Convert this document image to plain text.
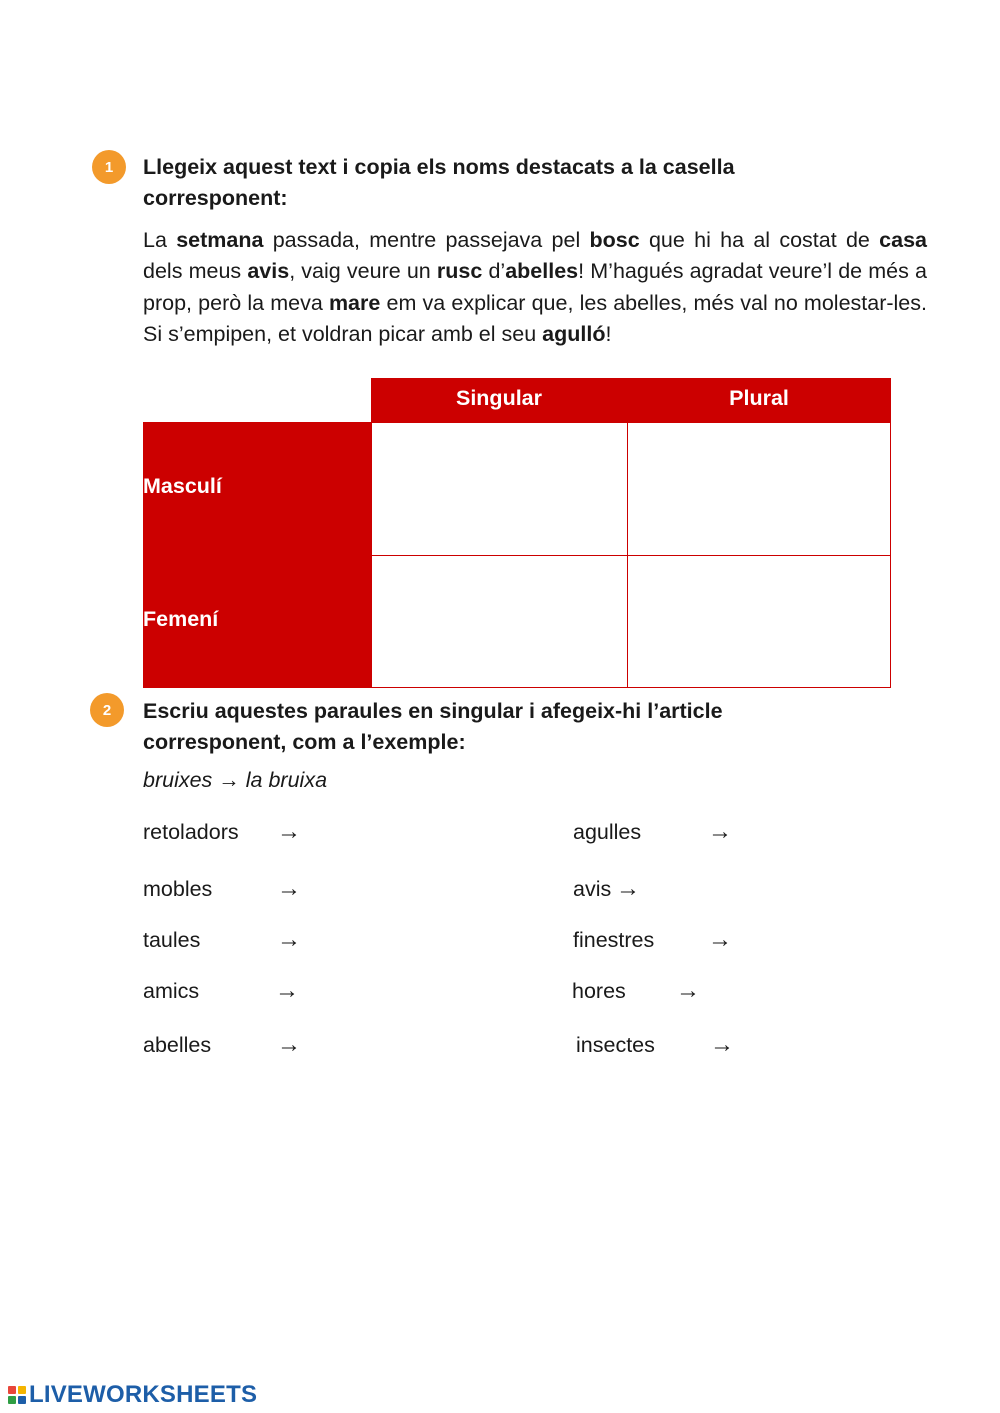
1	Llegeix aquest text i copia els noms destacats a la casella
corresponent:
La setmana passada, mentre passejava pel bosc que hi ha al costat de casa dels meus avis, vaig veure un rusc d’abelles! M’hagués agradat veure’l de més a prop, però la meva mare em va explicar que, les abelles, més val no molestar-les. Si s’empipen, et voldran picar amb el seu agulló!
Singular	Plural
Masculí
Femení
2	Escriu aquestes paraules en singular i afegeix-hi l’article
corresponent, com a l’exemple:
bruixes → la bruixa
retoladors →
mobles	→
taules	→
amics	→
abelles	→
agulles	→
avis →
finestres →
hores →
insectes →
LIVEWORKSHEETS
